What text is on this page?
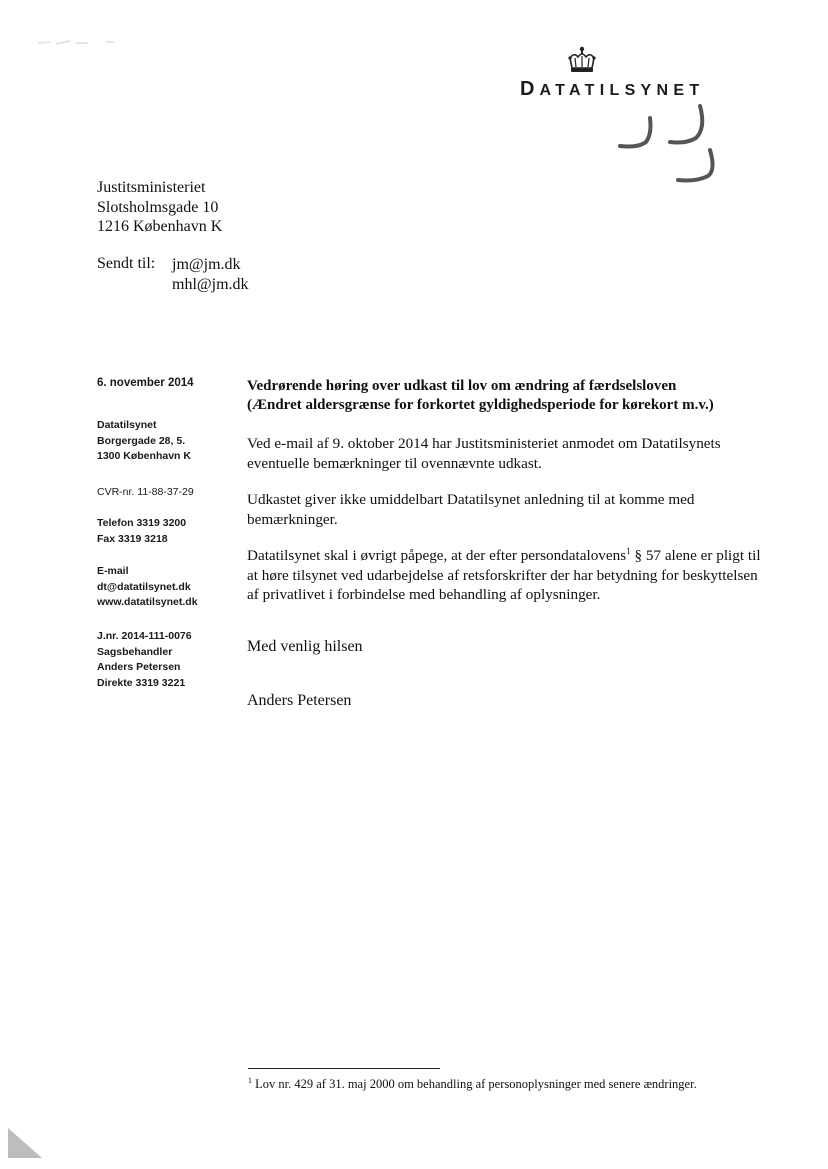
DATATILSYNET
Justitsministeriet
Slotsholmsgade 10
1216 København K
Sendt til: jm@jm.dk
mhl@jm.dk
6. november 2014
Datatilsynet
Borgergade 28, 5.
1300 København K
CVR-nr. 11-88-37-29
Telefon 3319 3200
Fax 3319 3218
E-mail
dt@datatilsynet.dk
www.datatilsynet.dk
J.nr. 2014-111-0076
Sagsbehandler
Anders Petersen
Direkte 3319 3221
Vedrørende høring over udkast til lov om ændring af færdselsloven
(Ændret aldersgrænse for forkortet gyldighedsperiode for kørekort m.v.)
Ved e-mail af 9. oktober 2014 har Justitsministeriet anmodet om Datatilsynets eventuelle bemærkninger til ovennævnte udkast.
Udkastet giver ikke umiddelbart Datatilsynet anledning til at komme med bemærkninger.
Datatilsynet skal i øvrigt påpege, at der efter persondatalovens$^1$ § 57 alene er pligt til at høre tilsynet ved udarbejdelse af retsforskrifter der har betydning for beskyttelsen af privatlivet i forbindelse med behandling af oplysninger.
Med venlig hilsen
Anders Petersen
$^1$ Lov nr. 429 af 31. maj 2000 om behandling af personoplysninger med senere ændringer.
